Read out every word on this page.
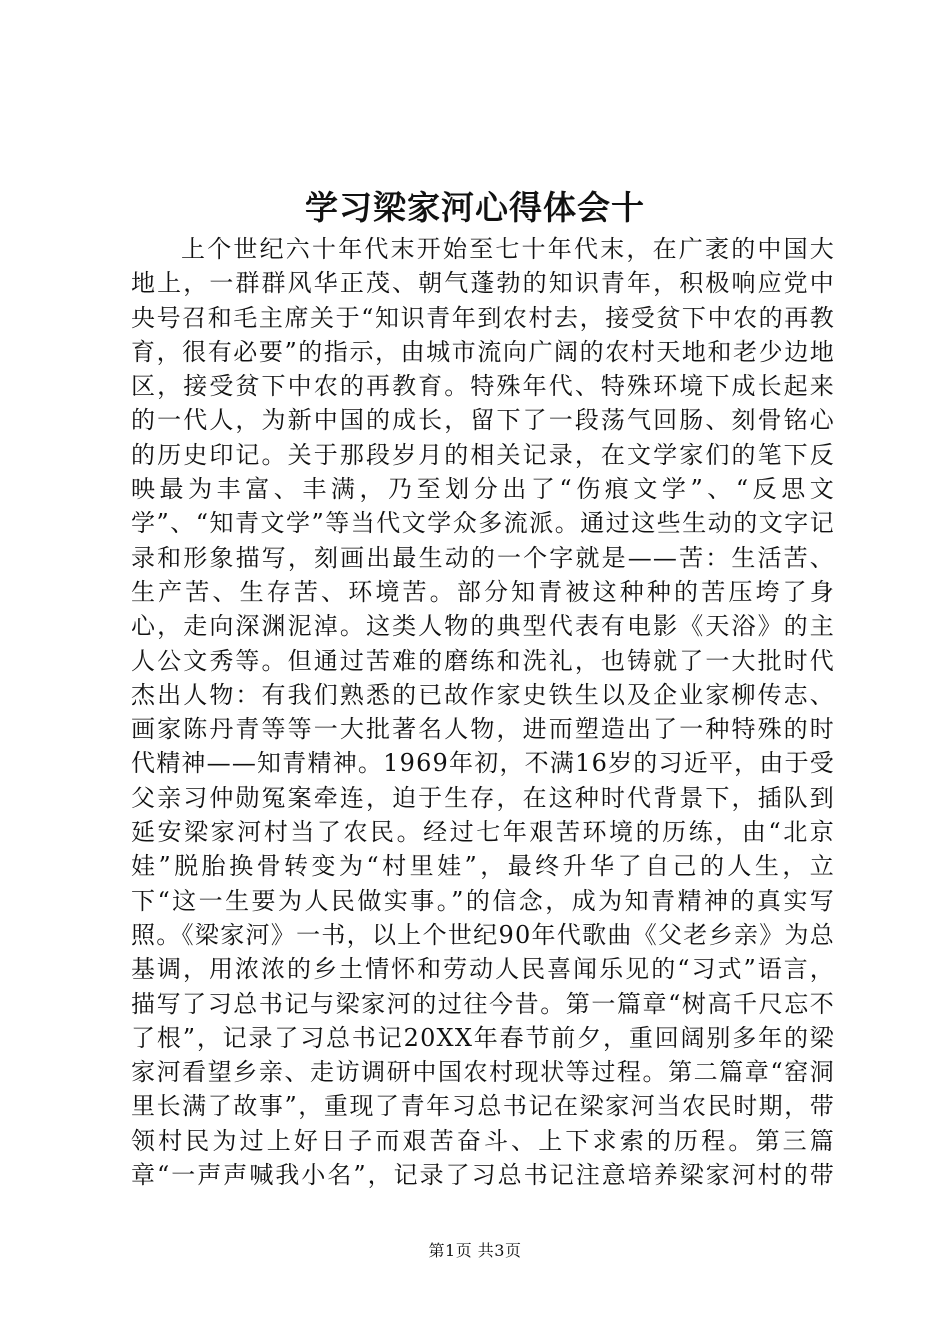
学习梁家河心得体会十

上个世纪六十年代末开始至七十年代末，在广袤的中国大地上，一群群风华正茂、朝气蓬勃的知识青年，积极响应党中央号召和毛主席关于“知识青年到农村去，接受贫下中农的再教育，很有必要”的指示，由城市流向广阔的农村天地和老少边地区，接受贫下中农的再教育。特殊年代、特殊环境下成长起来的一代人，为新中国的成长，留下了一段荡气回肠、刻骨铭心的历史印记。关于那段岁月的相关记录，在文学家们的笔下反映最为丰富、丰满，乃至划分出了“伤痕文学”、“反思文学”、“知青文学”等当代文学众多流派。通过这些生动的文字记录和形象描写，刻画出最生动的一个字就是——苦：生活苦、生产苦、生存苦、环境苦。部分知青被这种种的苦压垮了身心，走向深渊泥淖。这类人物的典型代表有电影《天浴》的主人公文秀等。但通过苦难的磨练和洗礼，也铸就了一大批时代杰出人物：有我们熟悉的已故作家史铁生以及企业家柳传志、画家陈丹青等等一大批著名人物，进而塑造出了一种特殊的时代精神——知青精神。1969年初，不满16岁的习近平，由于受父亲习仲勋冤案牵连，迫于生存，在这种时代背景下，插队到延安梁家河村当了农民。经过七年艰苦环境的历练，由“北京娃”脱胎换骨转变为“村里娃”，最终升华了自己的人生，立下“这一生要为人民做实事。”的信念，成为知青精神的真实写照。《梁家河》一书，以上个世纪90年代歌曲《父老乡亲》为总基调，用浓浓的乡土情怀和劳动人民喜闻乐见的“习式”语言，描写了习总书记与梁家河的过往今昔。第一篇章“树高千尺忘不了根”，记录了习总书记20XX年春节前夕，重回阔别多年的梁家河看望乡亲、走访调研中国农村现状等过程。第二篇章“窑洞里长满了故事”，重现了青年习总书记在梁家河当农民时期，带领村民为过上好日子而艰苦奋斗、上下求索的历程。第三篇章“一声声喊我小名”，记录了习总书记注意培养梁家河村的带

第1页 共3页
